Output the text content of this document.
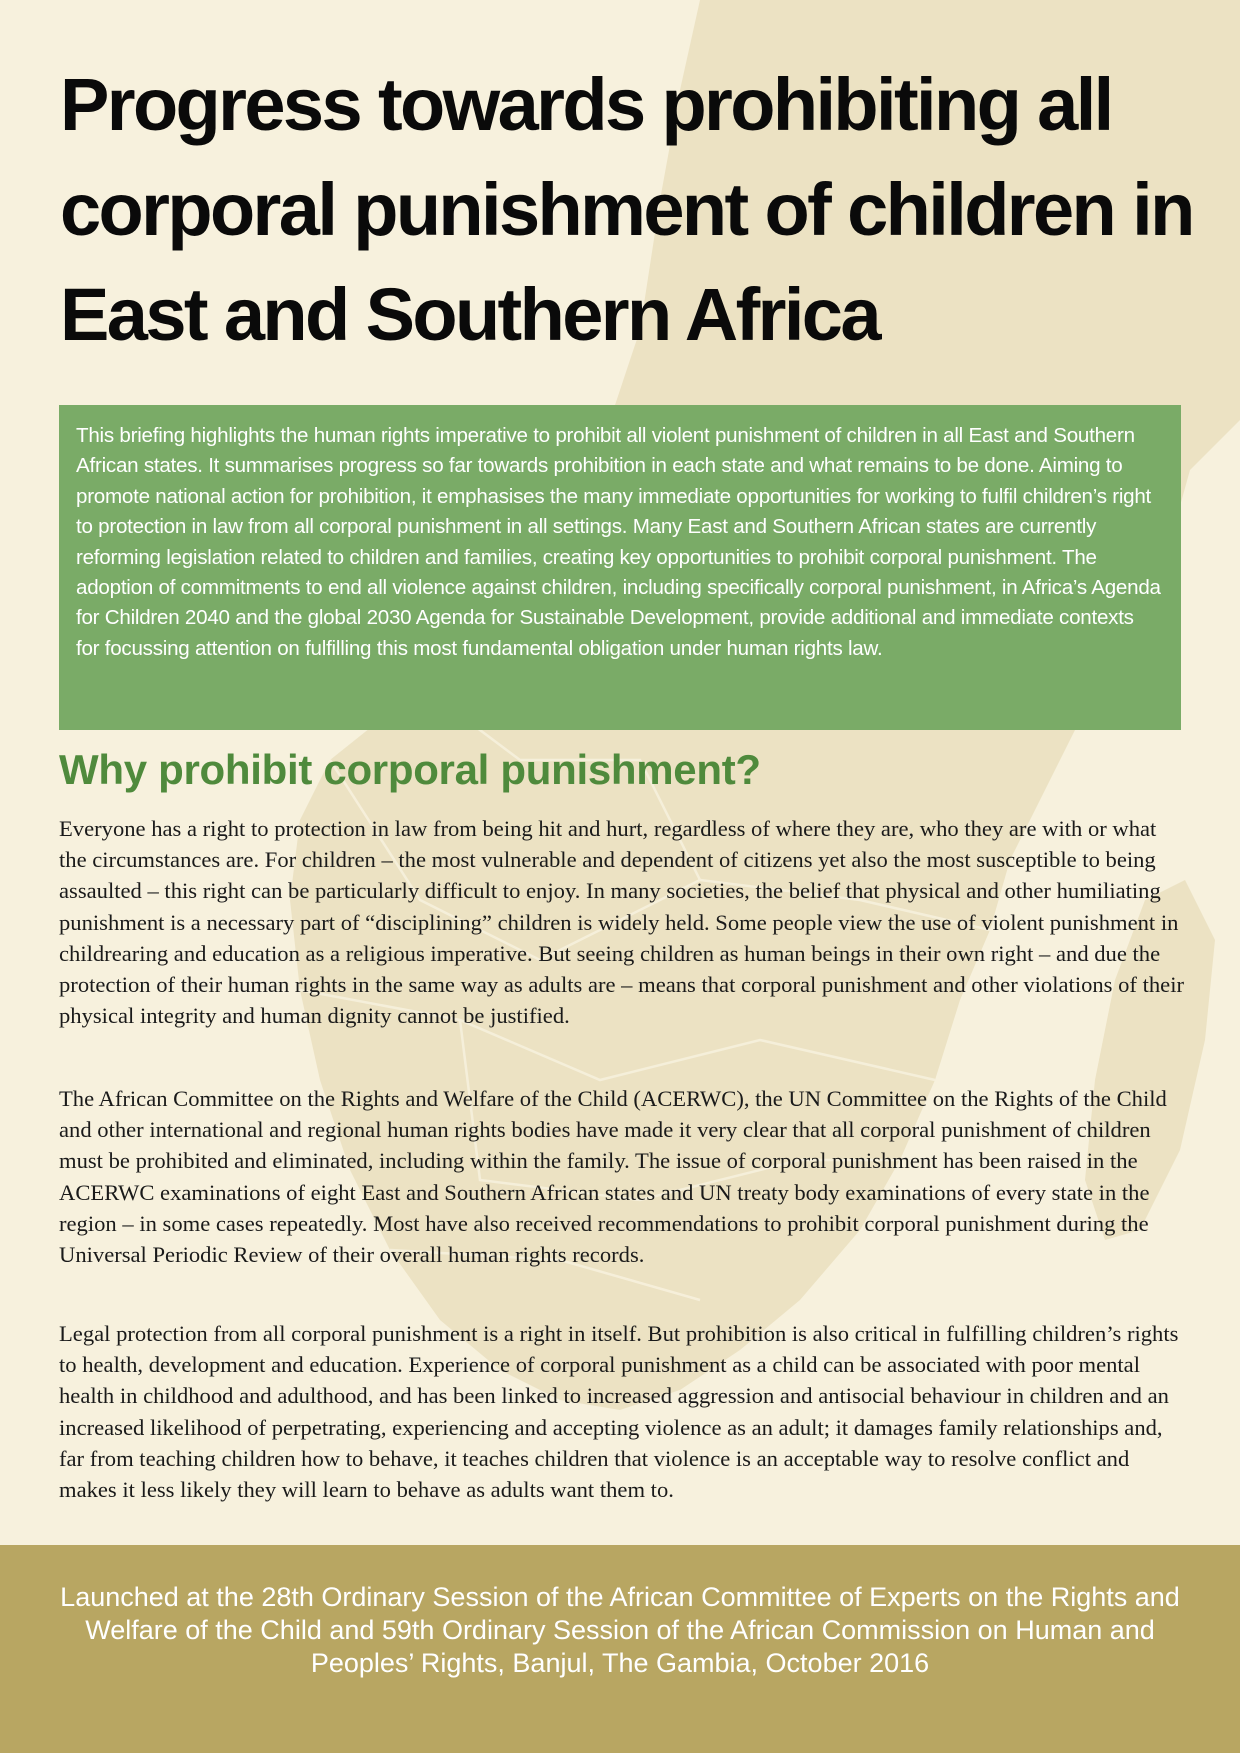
Progress towards prohibiting all corporal punishment of children in East and Southern Africa

This briefing highlights the human rights imperative to prohibit all violent punishment of children in all East and Southern African states. It summarises progress so far towards prohibition in each state and what remains to be done. Aiming to promote national action for prohibition, it emphasises the many immediate opportunities for working to fulfil children’s right to protection in law from all corporal punishment in all settings. Many East and Southern African states are currently reforming legislation related to children and families, creating key opportunities to prohibit corporal punishment. The adoption of commitments to end all violence against children, including specifically corporal punishment, in Africa’s Agenda for Children 2040 and the global 2030 Agenda for Sustainable Development, provide additional and immediate contexts for focussing attention on fulfilling this most fundamental obligation under human rights law.

Why prohibit corporal punishment?

Everyone has a right to protection in law from being hit and hurt, regardless of where they are, who they are with or what the circumstances are. For children – the most vulnerable and dependent of citizens yet also the most susceptible to being assaulted – this right can be particularly difficult to enjoy. In many societies, the belief that physical and other humiliating punishment is a necessary part of “disciplining” children is widely held. Some people view the use of violent punishment in childrearing and education as a religious imperative. But seeing children as human beings in their own right – and due the protection of their human rights in the same way as adults are – means that corporal punishment and other violations of their physical integrity and human dignity cannot be justified.

The African Committee on the Rights and Welfare of the Child (ACERWC), the UN Committee on the Rights of the Child and other international and regional human rights bodies have made it very clear that all corporal punishment of children must be prohibited and eliminated, including within the family. The issue of corporal punishment has been raised in the ACERWC examinations of eight East and Southern African states and UN treaty body examinations of every state in the region – in some cases repeatedly. Most have also received recommendations to prohibit corporal punishment during the Universal Periodic Review of their overall human rights records.

Legal protection from all corporal punishment is a right in itself. But prohibition is also critical in fulfilling children’s rights to health, development and education. Experience of corporal punishment as a child can be associated with poor mental health in childhood and adulthood, and has been linked to increased aggression and antisocial behaviour in children and an increased likelihood of perpetrating, experiencing and accepting violence as an adult; it damages family relationships and, far from teaching children how to behave, it teaches children that violence is an acceptable way to resolve conflict and makes it less likely they will learn to behave as adults want them to.

Launched at the 28th Ordinary Session of the African Committee of Experts on the Rights and Welfare of the Child and 59th Ordinary Session of the African Commission on Human and Peoples’ Rights, Banjul, The Gambia, October 2016
